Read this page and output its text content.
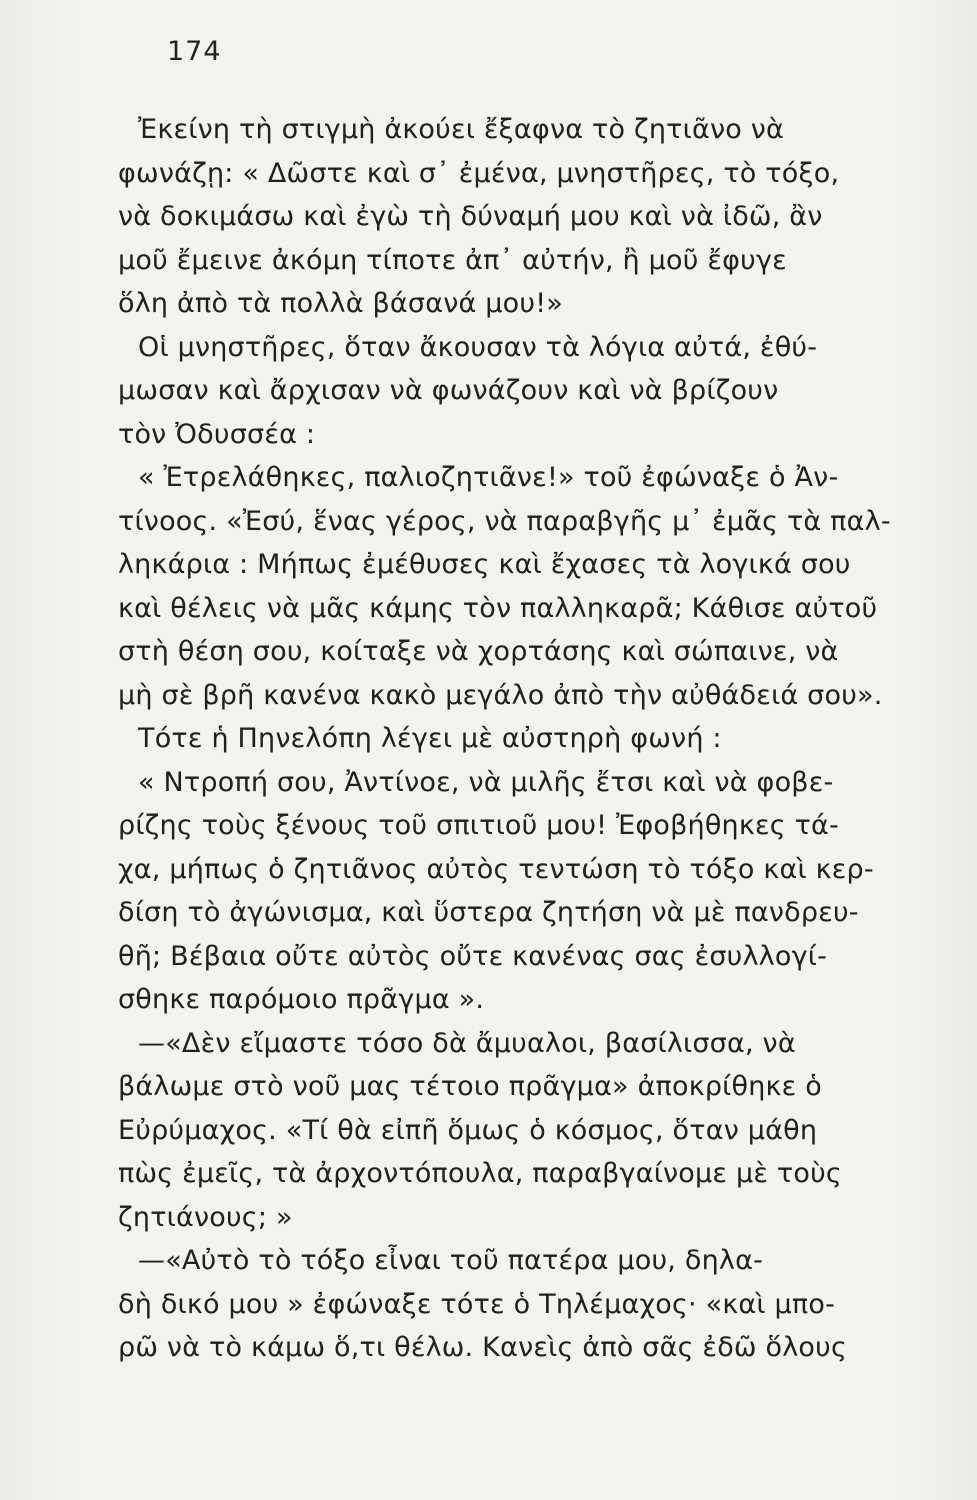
174
Ἐκείνη τὴ στιγμὴ ἀκούει ἔξαφνα τὸ ζητιᾶνο νὰ
φωνάζῃ: « Δῶστε καὶ σ᾽ ἐμένα, μνηστῆρες, τὸ τόξο,
νὰ δοκιμάσω καὶ ἐγὼ τὴ δύναμή μου καὶ νὰ ἰδῶ, ἂν
μοῦ ἔμεινε ἀκόμη τίποτε ἀπ᾽ αὐτήν, ἢ μοῦ ἔφυγε
ὅλη ἀπὸ τὰ πολλὰ βάσανά μου!»
Οἱ μνηστῆρες, ὅταν ἄκουσαν τὰ λόγια αὐτά, ἐθύ-
μωσαν καὶ ἄρχισαν νὰ φωνάζουν καὶ νὰ βρίζουν
τὸν Ὀδυσσέα :
« Ἐτρελάθηκες, παλιοζητιᾶνε!» τοῦ ἐφώναξε ὁ Ἀν-
τίνοος. «Ἐσύ, ἕνας γέρος, νὰ παραβγῆς μ᾽ ἐμᾶς τὰ παλ-
ληκάρια : Μήπως ἐμέθυσες καὶ ἔχασες τὰ λογικά σου
καὶ θέλεις νὰ μᾶς κάμης τὸν παλληκαρᾶ; Κάθισε αὐτοῦ
στὴ θέση σου, κοίταξε νὰ χορτάσης καὶ σώπαινε, νὰ
μὴ σὲ βρῆ κανένα κακὸ μεγάλο ἀπὸ τὴν αὐθάδειά σου».
Τότε ἡ Πηνελόπη λέγει μὲ αὐστηρὴ φωνή :
« Ντροπή σου, Ἀντίνοε, νὰ μιλῆς ἔτσι καὶ νὰ φοβε-
ρίζης τοὺς ξένους τοῦ σπιτιοῦ μου! Ἐφοβήθηκες τά-
χα, μήπως ὁ ζητιᾶνος αὐτὸς τεντώση τὸ τόξο καὶ κερ-
δίση τὸ ἀγώνισμα, καὶ ὕστερα ζητήση νὰ μὲ πανδρευ-
θῆ; Βέβαια οὔτε αὐτὸς οὔτε κανένας σας ἐσυλλογί-
σθηκε παρόμοιο πρᾶγμα ».
—«Δὲν εἴμαστε τόσο δὰ ἄμυαλοι, βασίλισσα, νὰ
βάλωμε στὸ νοῦ μας τέτοιο πρᾶγμα» ἀποκρίθηκε ὁ
Εὐρύμαχος. «Τί θὰ εἰπῆ ὅμως ὁ κόσμος, ὅταν μάθη
πὼς ἐμεῖς, τὰ ἀρχοντόπουλα, παραβγαίνομε μὲ τοὺς
ζητιάνους; »
—«Αὐτὸ τὸ τόξο εἶναι τοῦ πατέρα μου, δηλα-
δὴ δικό μου » ἐφώναξε τότε ὁ Τηλέμαχος· «καὶ μπο-
ρῶ νὰ τὸ κάμω ὅ,τι θέλω. Κανεὶς ἀπὸ σᾶς ἐδῶ ὅλους
